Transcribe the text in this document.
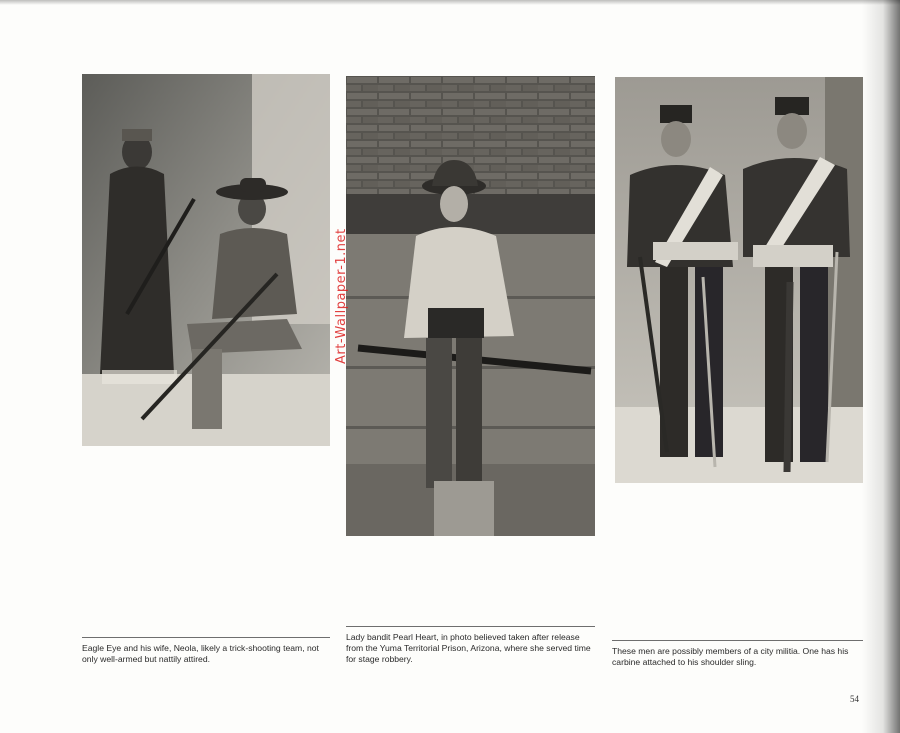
Art-Wallpaper-1.net

Eagle Eye and his wife, Neola, likely a trick-shooting team, not only well-armed but nattily attired.

Lady bandit Pearl Heart, in photo believed taken after release from the Yuma Territorial Prison, Arizona, where she served time for stage robbery.

These men are possibly members of a city militia. One has his carbine attached to his shoulder sling.

54
